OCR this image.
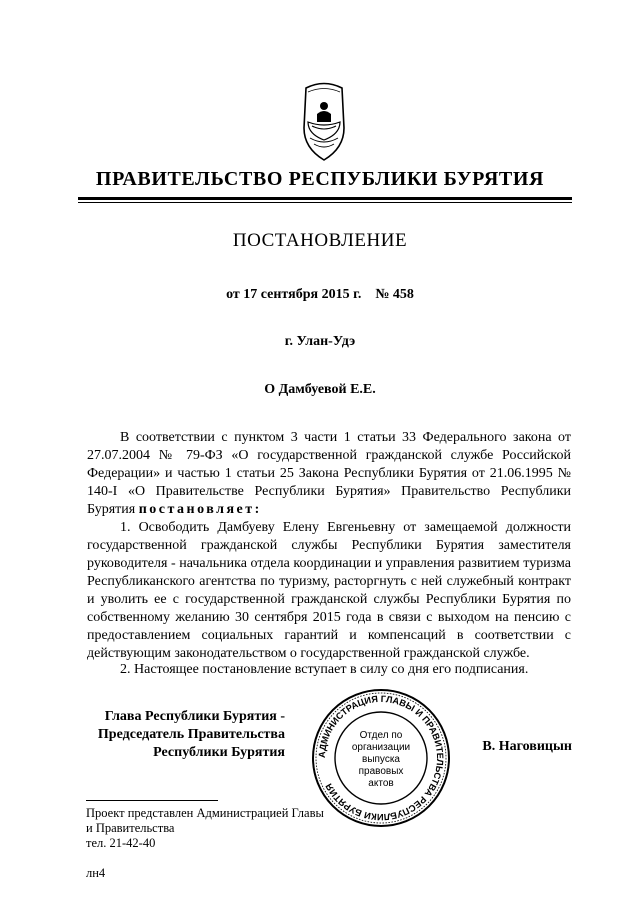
ПРАВИТЕЛЬСТВО РЕСПУБЛИКИ БУРЯТИЯ
ПОСТАНОВЛЕНИЕ
от 17 сентября 2015 г. № 458
г. Улан-Удэ
О Дамбуевой Е.Е.
В соответствии с пунктом 3 части 1 статьи 33 Федерального закона от 27.07.2004 № 79-ФЗ «О государственной гражданской службе Российской Федерации» и частью 1 статьи 25 Закона Республики Бурятия от 21.06.1995 № 140-I «О Правительстве Республики Бурятия» Правительство Республики Бурятия постановляет:
1. Освободить Дамбуеву Елену Евгеньевну от замещаемой должности государственной гражданской службы Республики Бурятия заместителя руководителя - начальника отдела координации и управления развитием туризма Республиканского агентства по туризму, расторгнуть с ней служебный контракт и уволить ее с государственной гражданской службы Республики Бурятия по собственному желанию 30 сентября 2015 года в связи с выходом на пенсию с предоставлением социальных гарантий и компенсаций в соответствии с действующим законодательством о государственной гражданской службе.
2. Настоящее постановление вступает в силу со дня его подписания.
Глава Республики Бурятия -
Председатель Правительства
Республики Бурятия	АДМИНИСТРАЦИЯ ГЛАВЫ И ПРАВИТЕЛЬСТВА РЕСПУБЛИКИ БУРЯТИЯ
Отдел по
организации
выпуска
правовых
актов
В. Наговицын
Проект представлен Администрацией Главы
и Правительства
тел. 21-42-40
лн4
